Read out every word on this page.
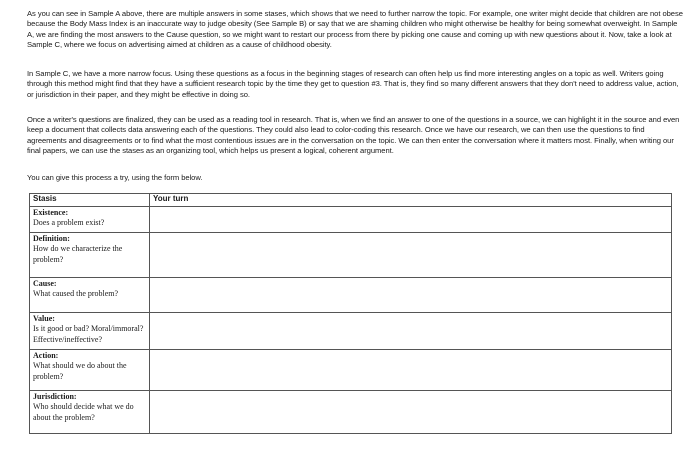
As you can see in Sample A above, there are multiple answers in some stases, which shows that we need to further narrow the topic. For example, one writer might decide that children are not obese because the Body Mass Index is an inaccurate way to judge obesity (See Sample B) or say that we are shaming children who might otherwise be healthy for being somewhat overweight. In Sample A, we are finding the most answers to the Cause question, so we might want to restart our process from there by picking one cause and coming up with new questions about it. Now, take a look at Sample C, where we focus on advertising aimed at children as a cause of childhood obesity.

In Sample C, we have a more narrow focus. Using these questions as a focus in the beginning stages of research can often help us find more interesting angles on a topic as well. Writers going through this method might find that they have a sufficient research topic by the time they get to question #3. That is, they find so many different answers that they don't need to address value, action, or jurisdiction in their paper, and they might be effective in doing so.

Once a writer's questions are finalized, they can be used as a reading tool in research. That is, when we find an answer to one of the questions in a source, we can highlight it in the source and even keep a document that collects data answering each of the questions. They could also lead to color-coding this research. Once we have our research, we can then use the questions to find agreements and disagreements or to find what the most contentious issues are in the conversation on the topic. We can then enter the conversation where it matters most. Finally, when writing our final papers, we can use the stases as an organizing tool, which helps us present a logical, coherent argument.

You can give this process a try, using the form below.

Stasis	Your turn

Existence:
Does a problem exist?	

Definition:
How do we characterize the problem?	

Cause:
What caused the problem?	

Value:
Is it good or bad? Moral/immoral? Effective/ineffective?	

Action:
What should we do about the problem?	

Jurisdiction:
Who should decide what we do about the problem?	
